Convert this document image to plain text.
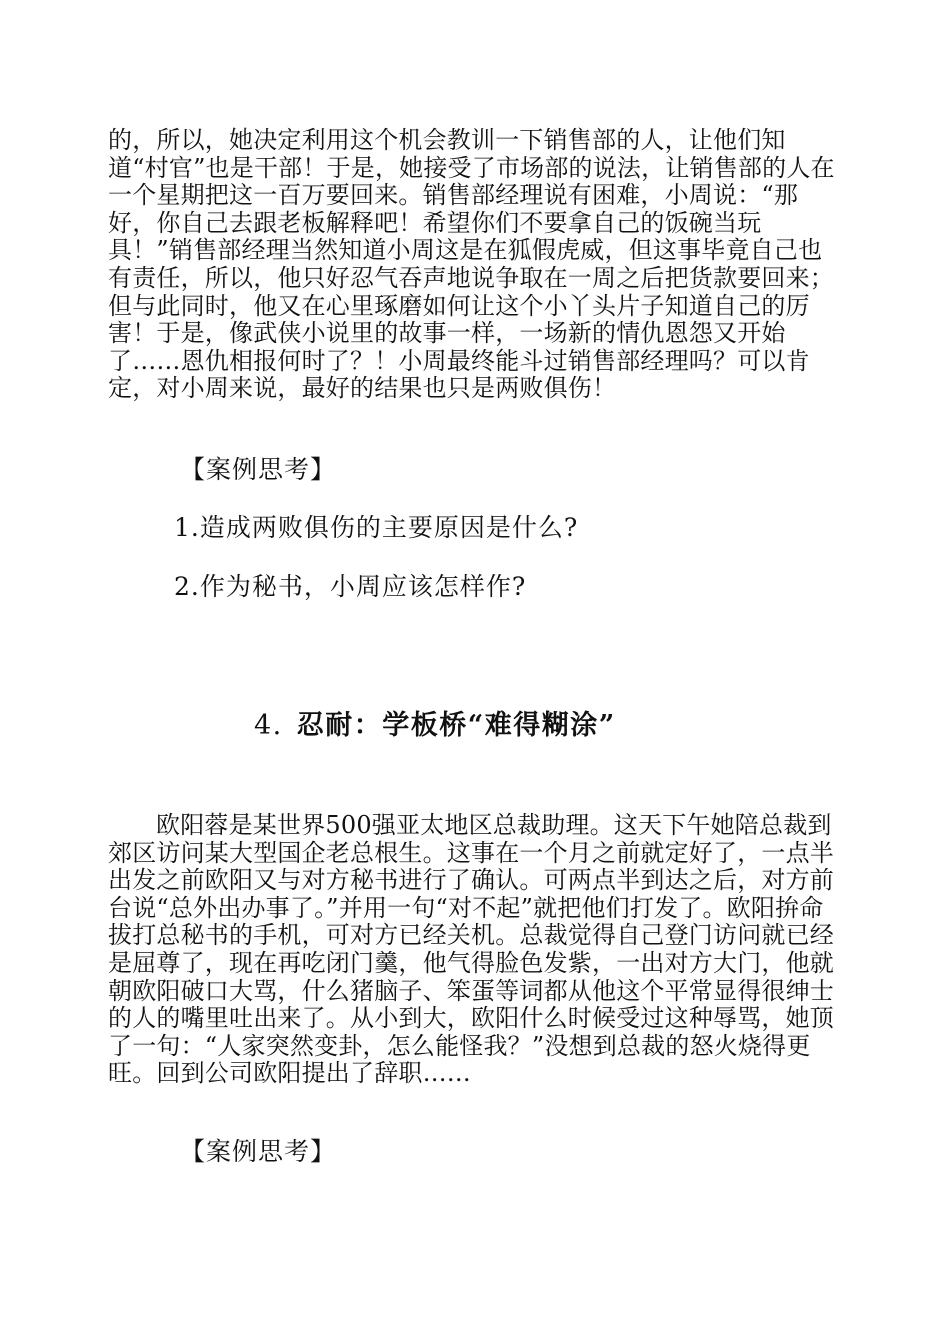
的，所以，她决定利用这个机会教训一下销售部的人，让他们知道“村官”也是干部！于是，她接受了市场部的说法，让销售部的人在一个星期把这一百万要回来。销售部经理说有困难，小周说：“那好，你自己去跟老板解释吧！希望你们不要拿自己的饭碗当玩具！”销售部经理当然知道小周这是在狐假虎威，但这事毕竟自己也有责任，所以，他只好忍气吞声地说争取在一周之后把货款要回来；但与此同时，他又在心里琢磨如何让这个小丫头片子知道自己的厉害！于是，像武侠小说里的故事一样，一场新的情仇恩怨又开始了……恩仇相报何时了？！小周最终能斗过销售部经理吗？可以肯定，对小周来说，最好的结果也只是两败俱伤！

【案例思考】

1.造成两败俱伤的主要原因是什么?

2.作为秘书，小周应该怎样作?

4. 忍耐：学板桥“难得糊涂”

欧阳蓉是某世界500强亚太地区总裁助理。这天下午她陪总裁到郊区访问某大型国企老总根生。这事在一个月之前就定好了，一点半出发之前欧阳又与对方秘书进行了确认。可两点半到达之后，对方前台说“总外出办事了。”并用一句“对不起”就把他们打发了。欧阳拚命拔打总秘书的手机，可对方已经关机。总裁觉得自己登门访问就已经是屈尊了，现在再吃闭门羹，他气得脸色发紫，一出对方大门，他就朝欧阳破口大骂，什么猪脑子、笨蛋等词都从他这个平常显得很绅士的人的嘴里吐出来了。从小到大，欧阳什么时候受过这种辱骂，她顶了一句：“人家突然变卦，怎么能怪我？”没想到总裁的怒火烧得更旺。回到公司欧阳提出了辞职……

【案例思考】
